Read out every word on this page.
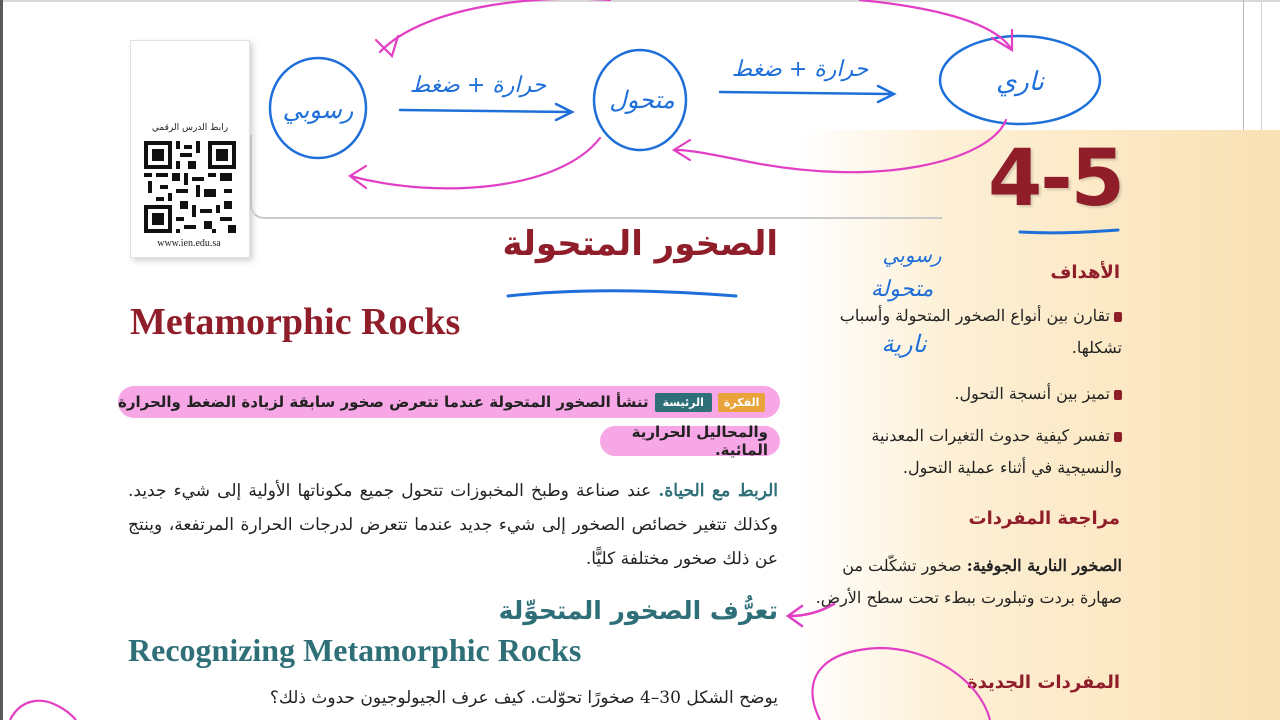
رابط الدرس الرقمي
www.ien.edu.sa
4-5
الصخور المتحولة
Metamorphic Rocks
الفكرة
الرئيسة
تنشأ الصخور المتحولة عندما تتعرض صخور سابقة لزيادة الضغط والحرارة
والمحاليل الحرارية المائية.
الربط مع الحياة. عند صناعة وطبخ المخبوزات تتحول جميع مكوناتها الأولية إلى شيء جديد. وكذلك تتغير خصائص الصخور إلى شيء جديد عندما تتعرض لدرجات الحرارة المرتفعة، وينتج عن ذلك صخور مختلفة كليًّا.
تعرُّف الصخور المتحوِّلة
Recognizing Metamorphic Rocks
يوضح الشكل 30–4 صخورًا تحوّلت. كيف عرف الجيولوجيون حدوث ذلك؟
الأهداف
تقارن بين أنواع الصخور المتحولة وأسباب تشكلها.
تميز بين أنسجة التحول.
تفسر كيفية حدوث التغيرات المعدنية والنسيجية في أثناء عملية التحول.
مراجعة المفردات
الصخور النارية الجوفية: صخور تشكّلت من صهارة بردت وتبلورت ببطء تحت سطح الأرض.
المفردات الجديدة
رسوبي	متحول
ناري
حرارة + ضغط
حرارة + ضغط
رسوبي
متحولة
نارية
